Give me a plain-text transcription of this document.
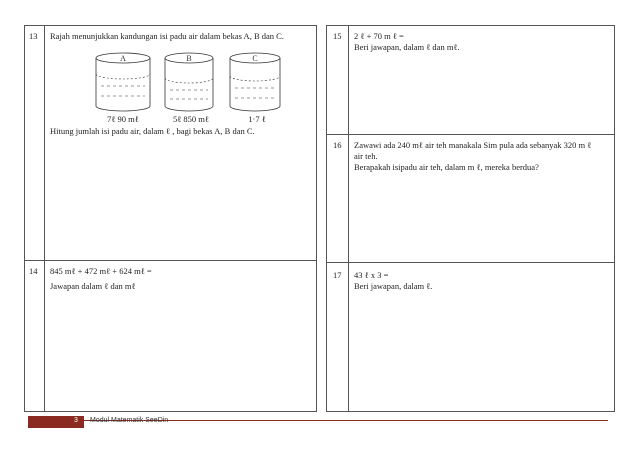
13 Rajah menunjukkan kandungan isi padu air dalam bekas A, B dan C.
A	B	C
7ℓ 90 mℓ	5ℓ 850 mℓ	1·7 ℓ
Hitung jumlah isi padu air, dalam ℓ , bagi bekas A, B dan C.
14 845 mℓ + 472 mℓ + 624 mℓ =
Jawapan dalam ℓ dan mℓ
15 2 ℓ + 70 m ℓ =
Beri jawapan, dalam ℓ dan mℓ.
16 Zawawi ada 240 mℓ air teh manakala Sim pula ada sebanyak 320 m ℓ
air teh.
Berapakah isipadu air teh, dalam m ℓ, mereka berdua?
17 43 ℓ x 3 =
Beri jawapan, dalam ℓ.
3 Modul Matematik SeeDin
